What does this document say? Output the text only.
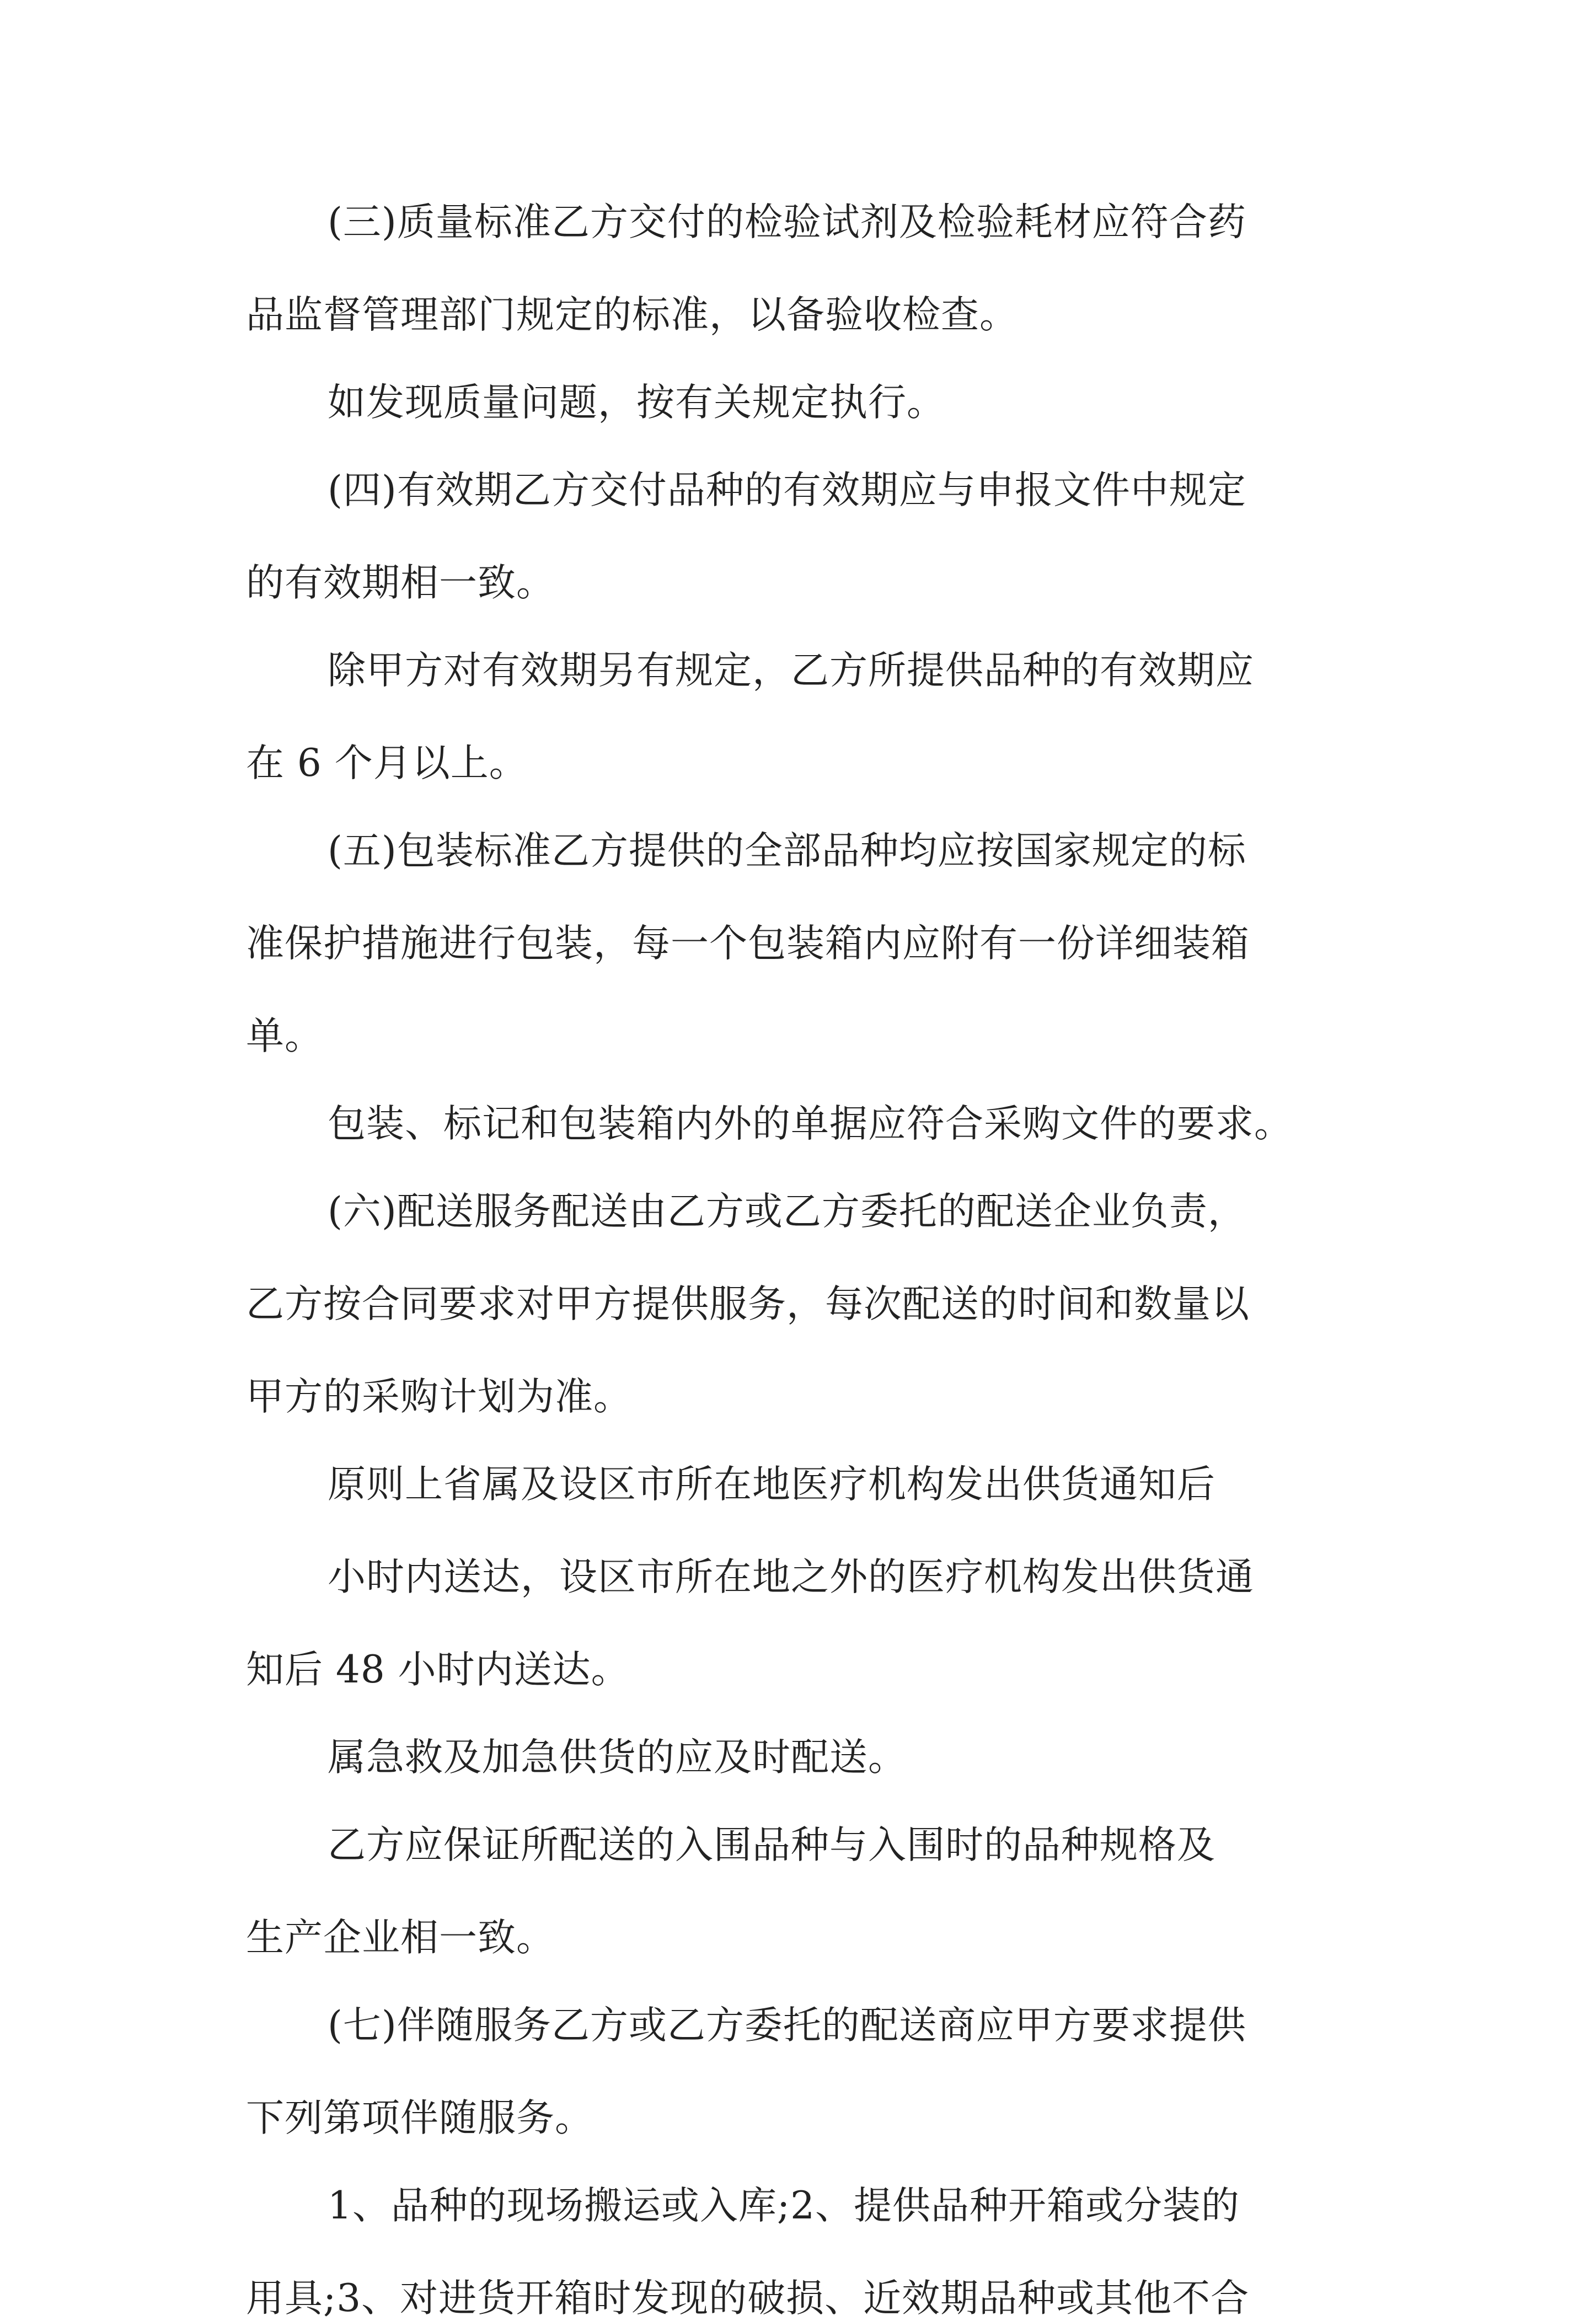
(三)质量标准乙方交付的检验试剂及检验耗材应符合药
品监督管理部门规定的标准，以备验收检查。
如发现质量问题，按有关规定执行。
(四)有效期乙方交付品种的有效期应与申报文件中规定
的有效期相一致。
除甲方对有效期另有规定，乙方所提供品种的有效期应
在 6 个月以上。
(五)包装标准乙方提供的全部品种均应按国家规定的标
准保护措施进行包装，每一个包装箱内应附有一份详细装箱
单。
包装、标记和包装箱内外的单据应符合采购文件的要求。
(六)配送服务配送由乙方或乙方委托的配送企业负责，
乙方按合同要求对甲方提供服务，每次配送的时间和数量以
甲方的采购计划为准。
原则上省属及设区市所在地医疗机构发出供货通知后
小时内送达，设区市所在地之外的医疗机构发出供货通
知后 48 小时内送达。
属急救及加急供货的应及时配送。
乙方应保证所配送的入围品种与入围时的品种规格及
生产企业相一致。
(七)伴随服务乙方或乙方委托的配送商应甲方要求提供
下列第项伴随服务。
1、品种的现场搬运或入库;2、提供品种开箱或分装的
用具;3、对进货开箱时发现的破损、近效期品种或其他不合
